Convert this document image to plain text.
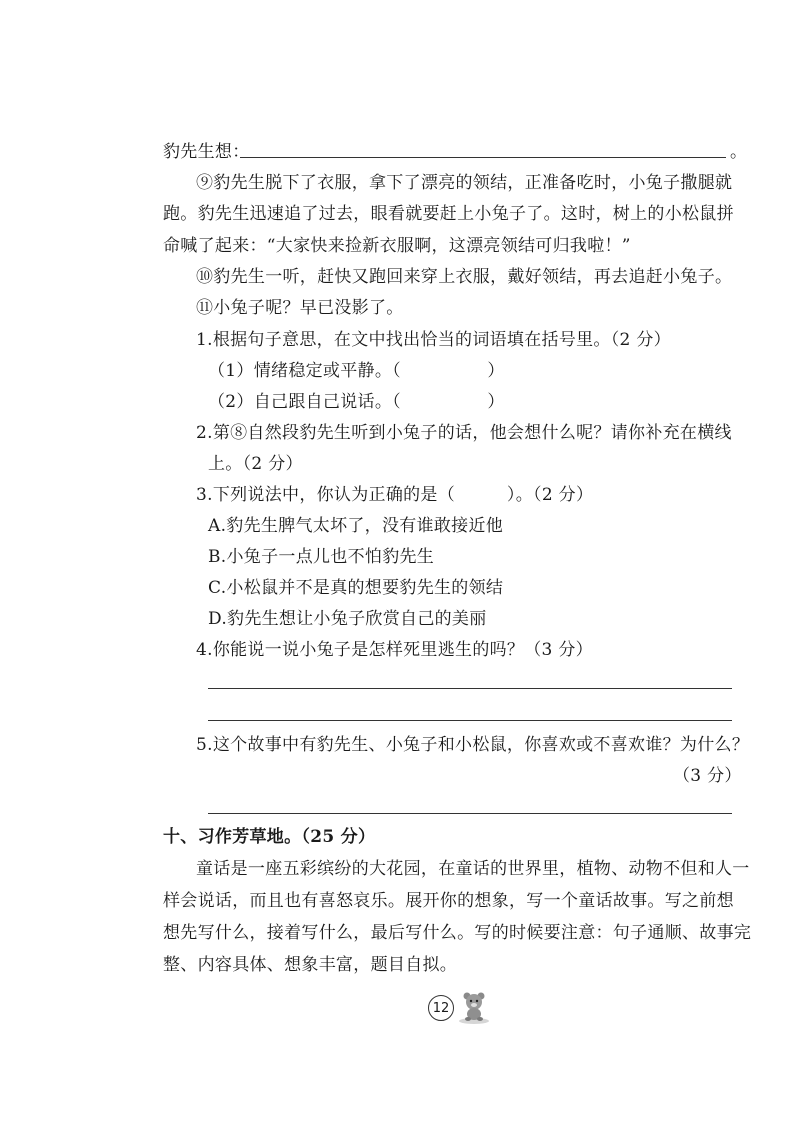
豹先生想：	。
⑨豹先生脱下了衣服，拿下了漂亮的领结，正准备吃时，小兔子撒腿就
跑。豹先生迅速追了过去，眼看就要赶上小兔子了。这时，树上的小松鼠拼
命喊了起来：“大家快来捡新衣服啊，这漂亮领结可归我啦！”
⑩豹先生一听，赶快又跑回来穿上衣服，戴好领结，再去追赶小兔子。
⑪小兔子呢？早已没影了。
1.根据句子意思，在文中找出恰当的词语填在括号里。（2 分）
（1）情绪稳定或平静。（　　　　　）
（2）自己跟自己说话。（　　　　　）
2.第⑧自然段豹先生听到小兔子的话，他会想什么呢？请你补充在横线
上。（2 分）
3.下列说法中，你认为正确的是（　　　）。（2 分）
A.豹先生脾气太坏了，没有谁敢接近他
B.小兔子一点儿也不怕豹先生
C.小松鼠并不是真的想要豹先生的领结
D.豹先生想让小兔子欣赏自己的美丽
4.你能说一说小兔子是怎样死里逃生的吗？（3 分）
5.这个故事中有豹先生、小兔子和小松鼠，你喜欢或不喜欢谁？为什么？
（3 分）
十、习作芳草地。（25 分）
童话是一座五彩缤纷的大花园，在童话的世界里，植物、动物不但和人一
样会说话，而且也有喜怒哀乐。展开你的想象，写一个童话故事。写之前想
想先写什么，接着写什么，最后写什么。写的时候要注意：句子通顺、故事完
整、内容具体、想象丰富，题目自拟。
12
